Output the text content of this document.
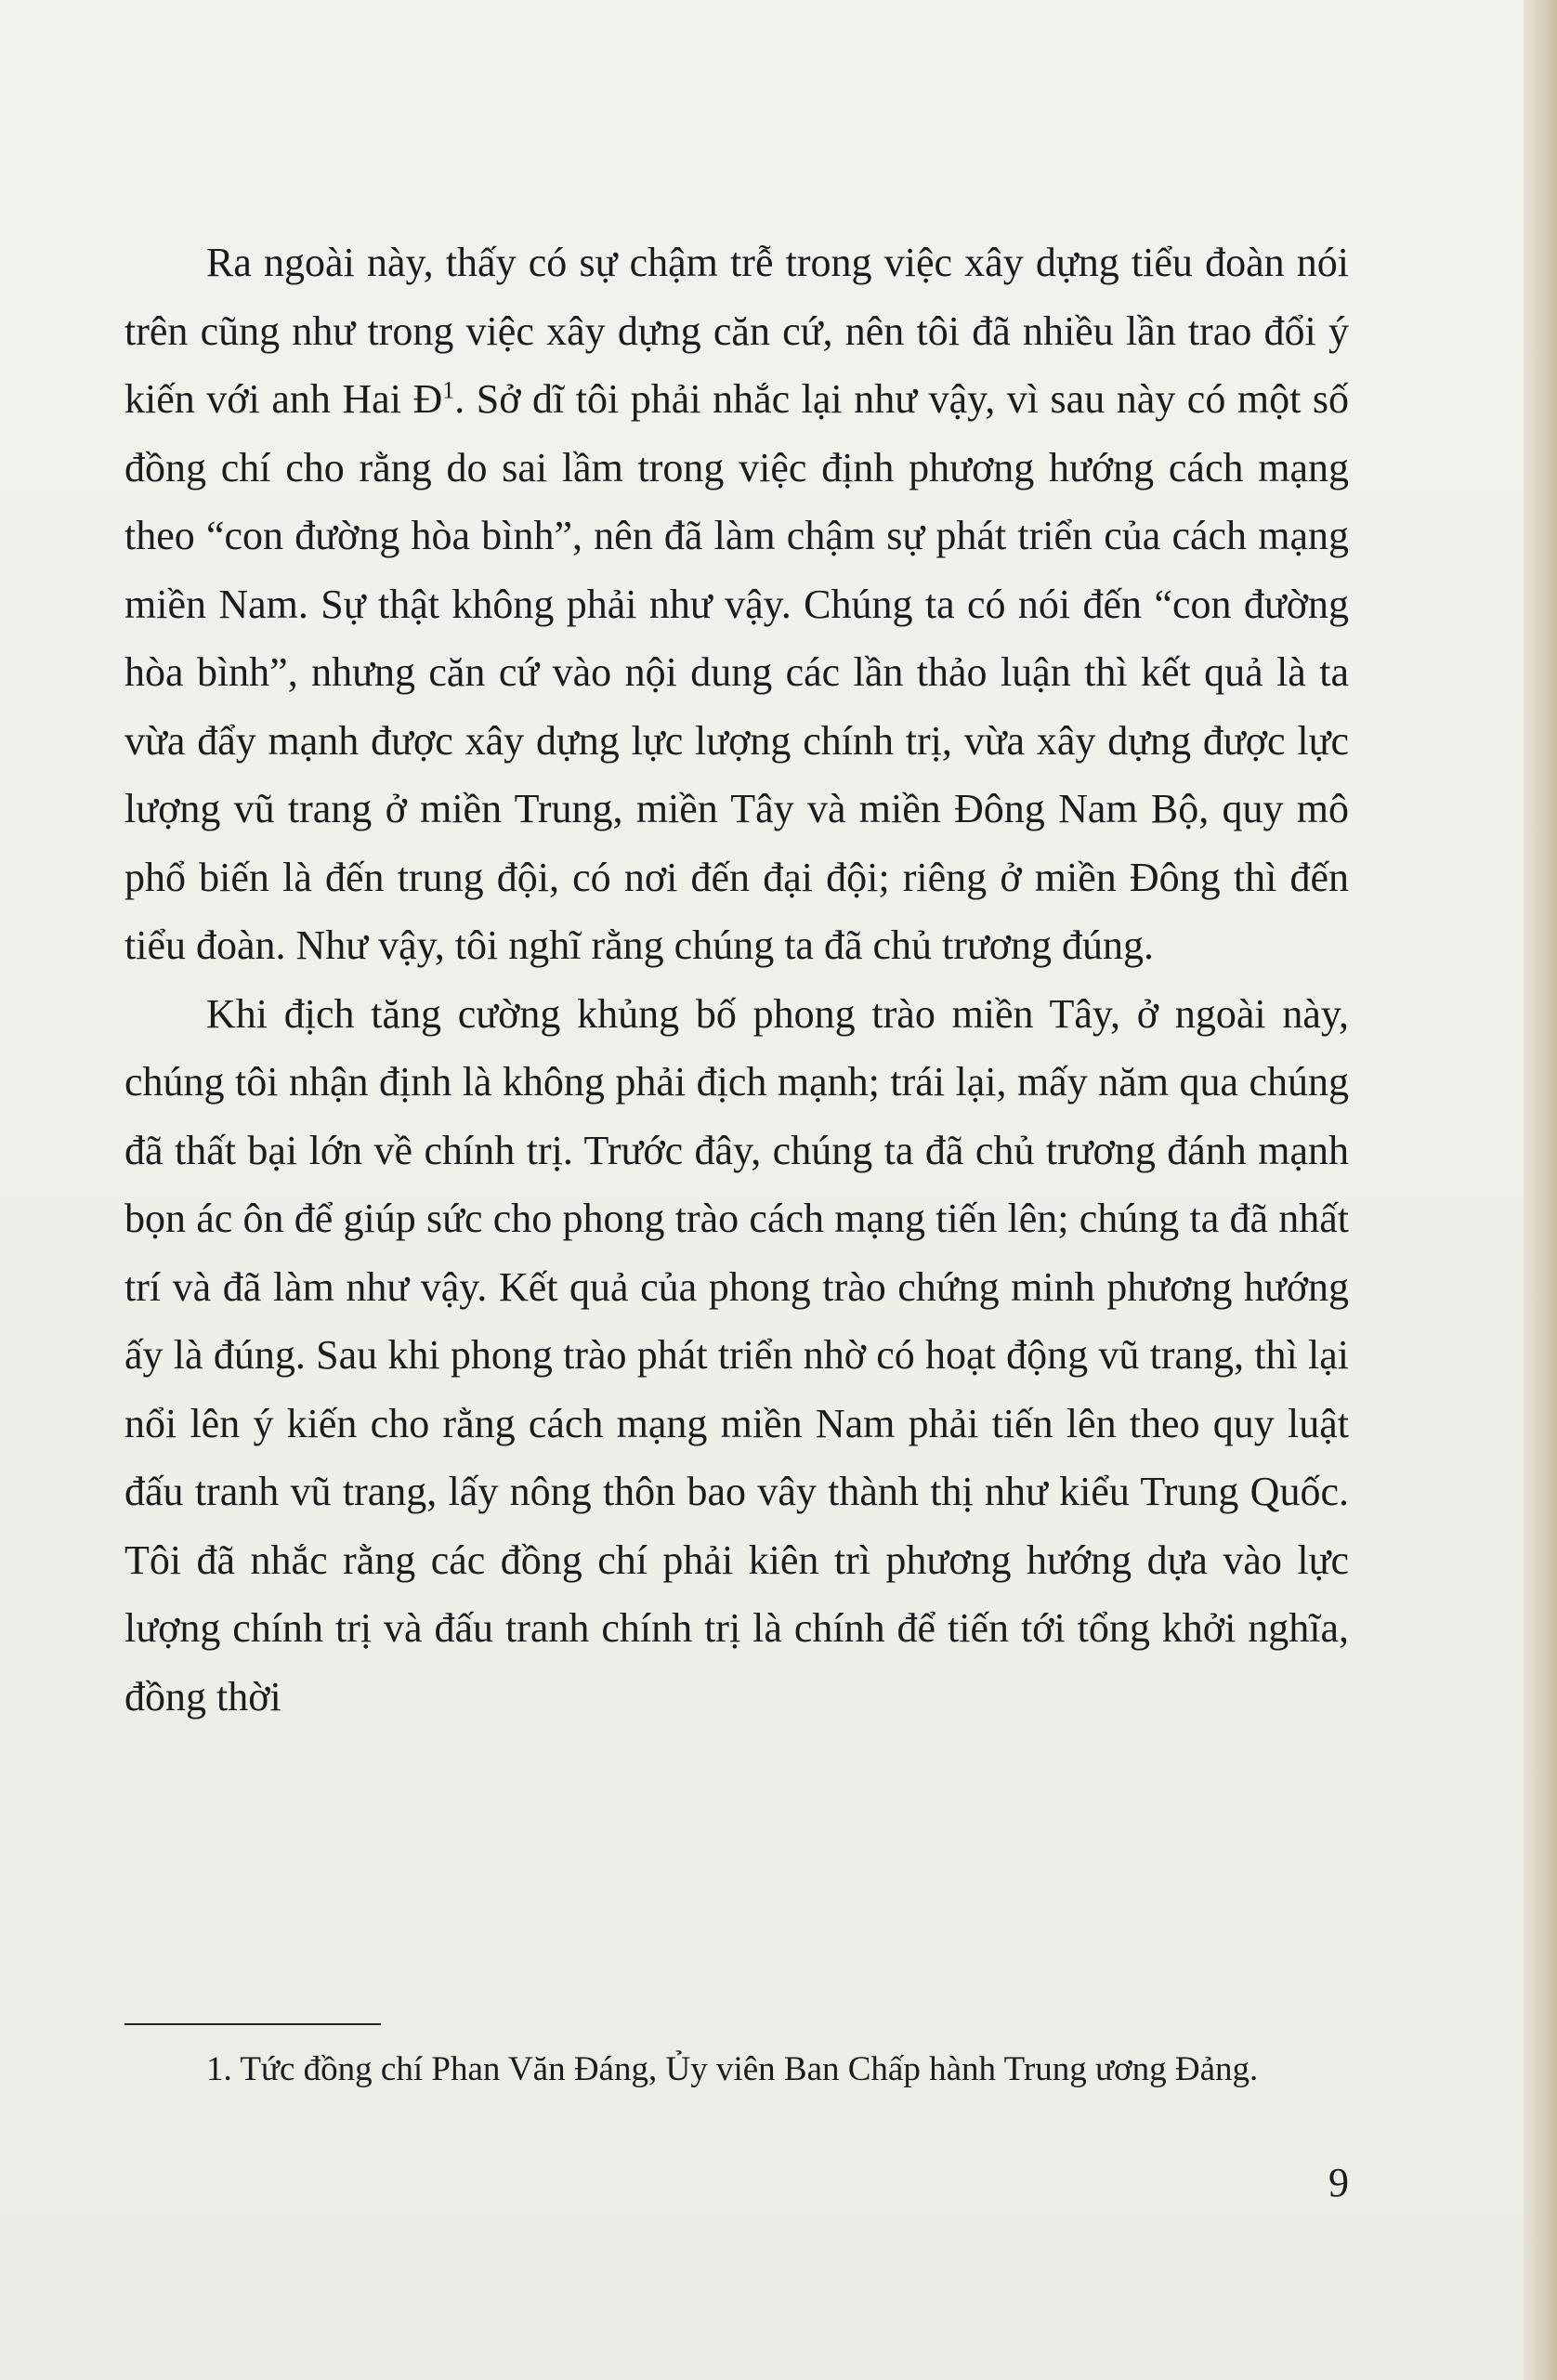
Ra ngoài này, thấy có sự chậm trễ trong việc xây dựng tiểu đoàn nói trên cũng như trong việc xây dựng căn cứ, nên tôi đã nhiều lần trao đổi ý kiến với anh Hai $Đ^1$. Sở dĩ tôi phải nhắc lại như vậy, vì sau này có một số đồng chí cho rằng do sai lầm trong việc định phương hướng cách mạng theo “con đường hòa bình”, nên đã làm chậm sự phát triển của cách mạng miền Nam. Sự thật không phải như vậy. Chúng ta có nói đến “con đường hòa bình”, nhưng căn cứ vào nội dung các lần thảo luận thì kết quả là ta vừa đẩy mạnh được xây dựng lực lượng chính trị, vừa xây dựng được lực lượng vũ trang ở miền Trung, miền Tây và miền Đông Nam Bộ, quy mô phổ biến là đến trung đội, có nơi đến đại đội; riêng ở miền Đông thì đến tiểu đoàn. Như vậy, tôi nghĩ rằng chúng ta đã chủ trương đúng.

Khi địch tăng cường khủng bố phong trào miền Tây, ở ngoài này, chúng tôi nhận định là không phải địch mạnh; trái lại, mấy năm qua chúng đã thất bại lớn về chính trị. Trước đây, chúng ta đã chủ trương đánh mạnh bọn ác ôn để giúp sức cho phong trào cách mạng tiến lên; chúng ta đã nhất trí và đã làm như vậy. Kết quả của phong trào chứng minh phương hướng ấy là đúng. Sau khi phong trào phát triển nhờ có hoạt động vũ trang, thì lại nổi lên ý kiến cho rằng cách mạng miền Nam phải tiến lên theo quy luật đấu tranh vũ trang, lấy nông thôn bao vây thành thị như kiểu Trung Quốc. Tôi đã nhắc rằng các đồng chí phải kiên trì phương hướng dựa vào lực lượng chính trị và đấu tranh chính trị là chính để tiến tới tổng khởi nghĩa, đồng thời

1. Tức đồng chí Phan Văn Đáng, Ủy viên Ban Chấp hành Trung ương Đảng.

9
